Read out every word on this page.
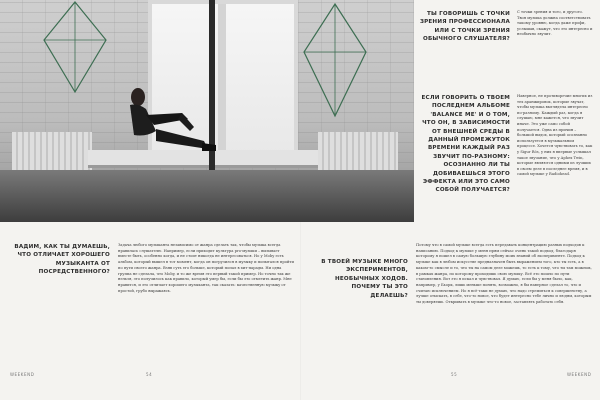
ТЫ ГОВОРИШЬ С ТОЧКИ ЗРЕНИЯ ПРОФЕССИОНАЛА ИЛИ С ТОЧКИ ЗРЕНИЯ ОБЫЧНОГО СЛУШАТЕЛЯ?
С точки зрения и того, и другого. Твоя музыка должна соответствовать такому уровню, когда даже профи, услышав, скажут, что это интересно и необычно звучит.
ЕСЛИ ГОВОРИТЬ О ТВОЕМ ПОСЛЕДНЕМ АЛЬБОМЕ 'BALANCE ME' И О ТОМ, ЧТО ОН, В ЗАВИСИМОСТИ ОТ ВНЕШНЕЙ СРЕДЫ В ДАННЫЙ ПРОМЕЖУТОК ВРЕМЕНИ КАЖДЫЙ РАЗ ЗВУЧИТ ПО-РАЗНОМУ: ОСОЗНАННО ЛИ ТЫ ДОБИВАЕШЬСЯ ЭТОГО ЭФФЕКТА ИЛИ ЭТО САМО СОБОЙ ПОЛУЧАЕТСЯ?
Наверное, не противоречие многих из тех аранжировок, которые звучат, чтобы музыка выглядела интересно по-разному. Каждый раз, когда я слушаю, мне кажется, что звучит иначе. Это уже само собой получается. Одна из причин – большой выдох, который осознанно используется в музыкальном процессе. Хочется чувствовать то, как у Sigur Rós, у них я впервые услышал такое звучание, что у Aphex Twin, которые являются одними из лучших в своем деле в последнее время, и в самой музыке у Radiohead.
ВАДИМ, КАК ТЫ ДУМАЕШЬ, ЧТО ОТЛИЧАЕТ ХОРОШЕГО МУЗЫКАНТА ОТ ПОСРЕДСТВЕННОГО?
Задача любого музыканта независимо от жанра сделать так, чтобы музыка всегда нравилась слушателю. Например, если приходит культура pro-музыки – вызывает вместе быть, особенно когда, и не стоит никогда не интересоваться. Но у Moby есть альбом, который вышел в тот момент, когда он погрузился в музыку и попытался пройти по пути своего жанра. Взяв суть его больше, который попал в хит-парады. Ни одна группа не сделала, что Moby, и то же время это первый такой пример. Но точно так же нельзя, это получилось как правило, который умер бы, если бы это отметить жанр. Мне нравится, и это отличает хорошего музыканта, так сказать: качественную музыку от простой, грубо выражаясь.
В ТВОЕЙ МУЗЫКЕ МНОГО ЭКСПЕРИМЕНТОВ, НЕОБЫЧНЫХ ХОДОВ. ПОЧЕМУ ТЫ ЭТО ДЕЛАЕШЬ?
Потому что в самой музыке всегда есть передавать концентрацию разных подходов к написанию. Подход к музыке у меня прям сейчас очень такой подход, благодаря которому я пошел в самую большую глубину моих знаний об эксперименте. Подход к музыке как в любом искусстве предназначен быть выражением того, кто ты есть, а в каком-то смысле и то, что ты на самом деле можешь, то есть к тому, что ты там можешь, в рамках жанра, по которому проходишь свою музыку. Всё это пошло по пути становления. Вот это я искал и чувствовал. Я думаю, если бы у меня было, как, например, у Бьорк, лишь меньше понять, возможно, я бы наверное сделал то, что и считаю исключением. Но я всё-таки не думаю, что надо стремиться к совершенству, а лучше отыскать, в себе, что-то новое, что будет интересно тебе лично и людям, которым ты доверяешь. Открывать в музыке что-то новое, заставлять работать себя.
WEEKEND	54	55	WEEKEND
